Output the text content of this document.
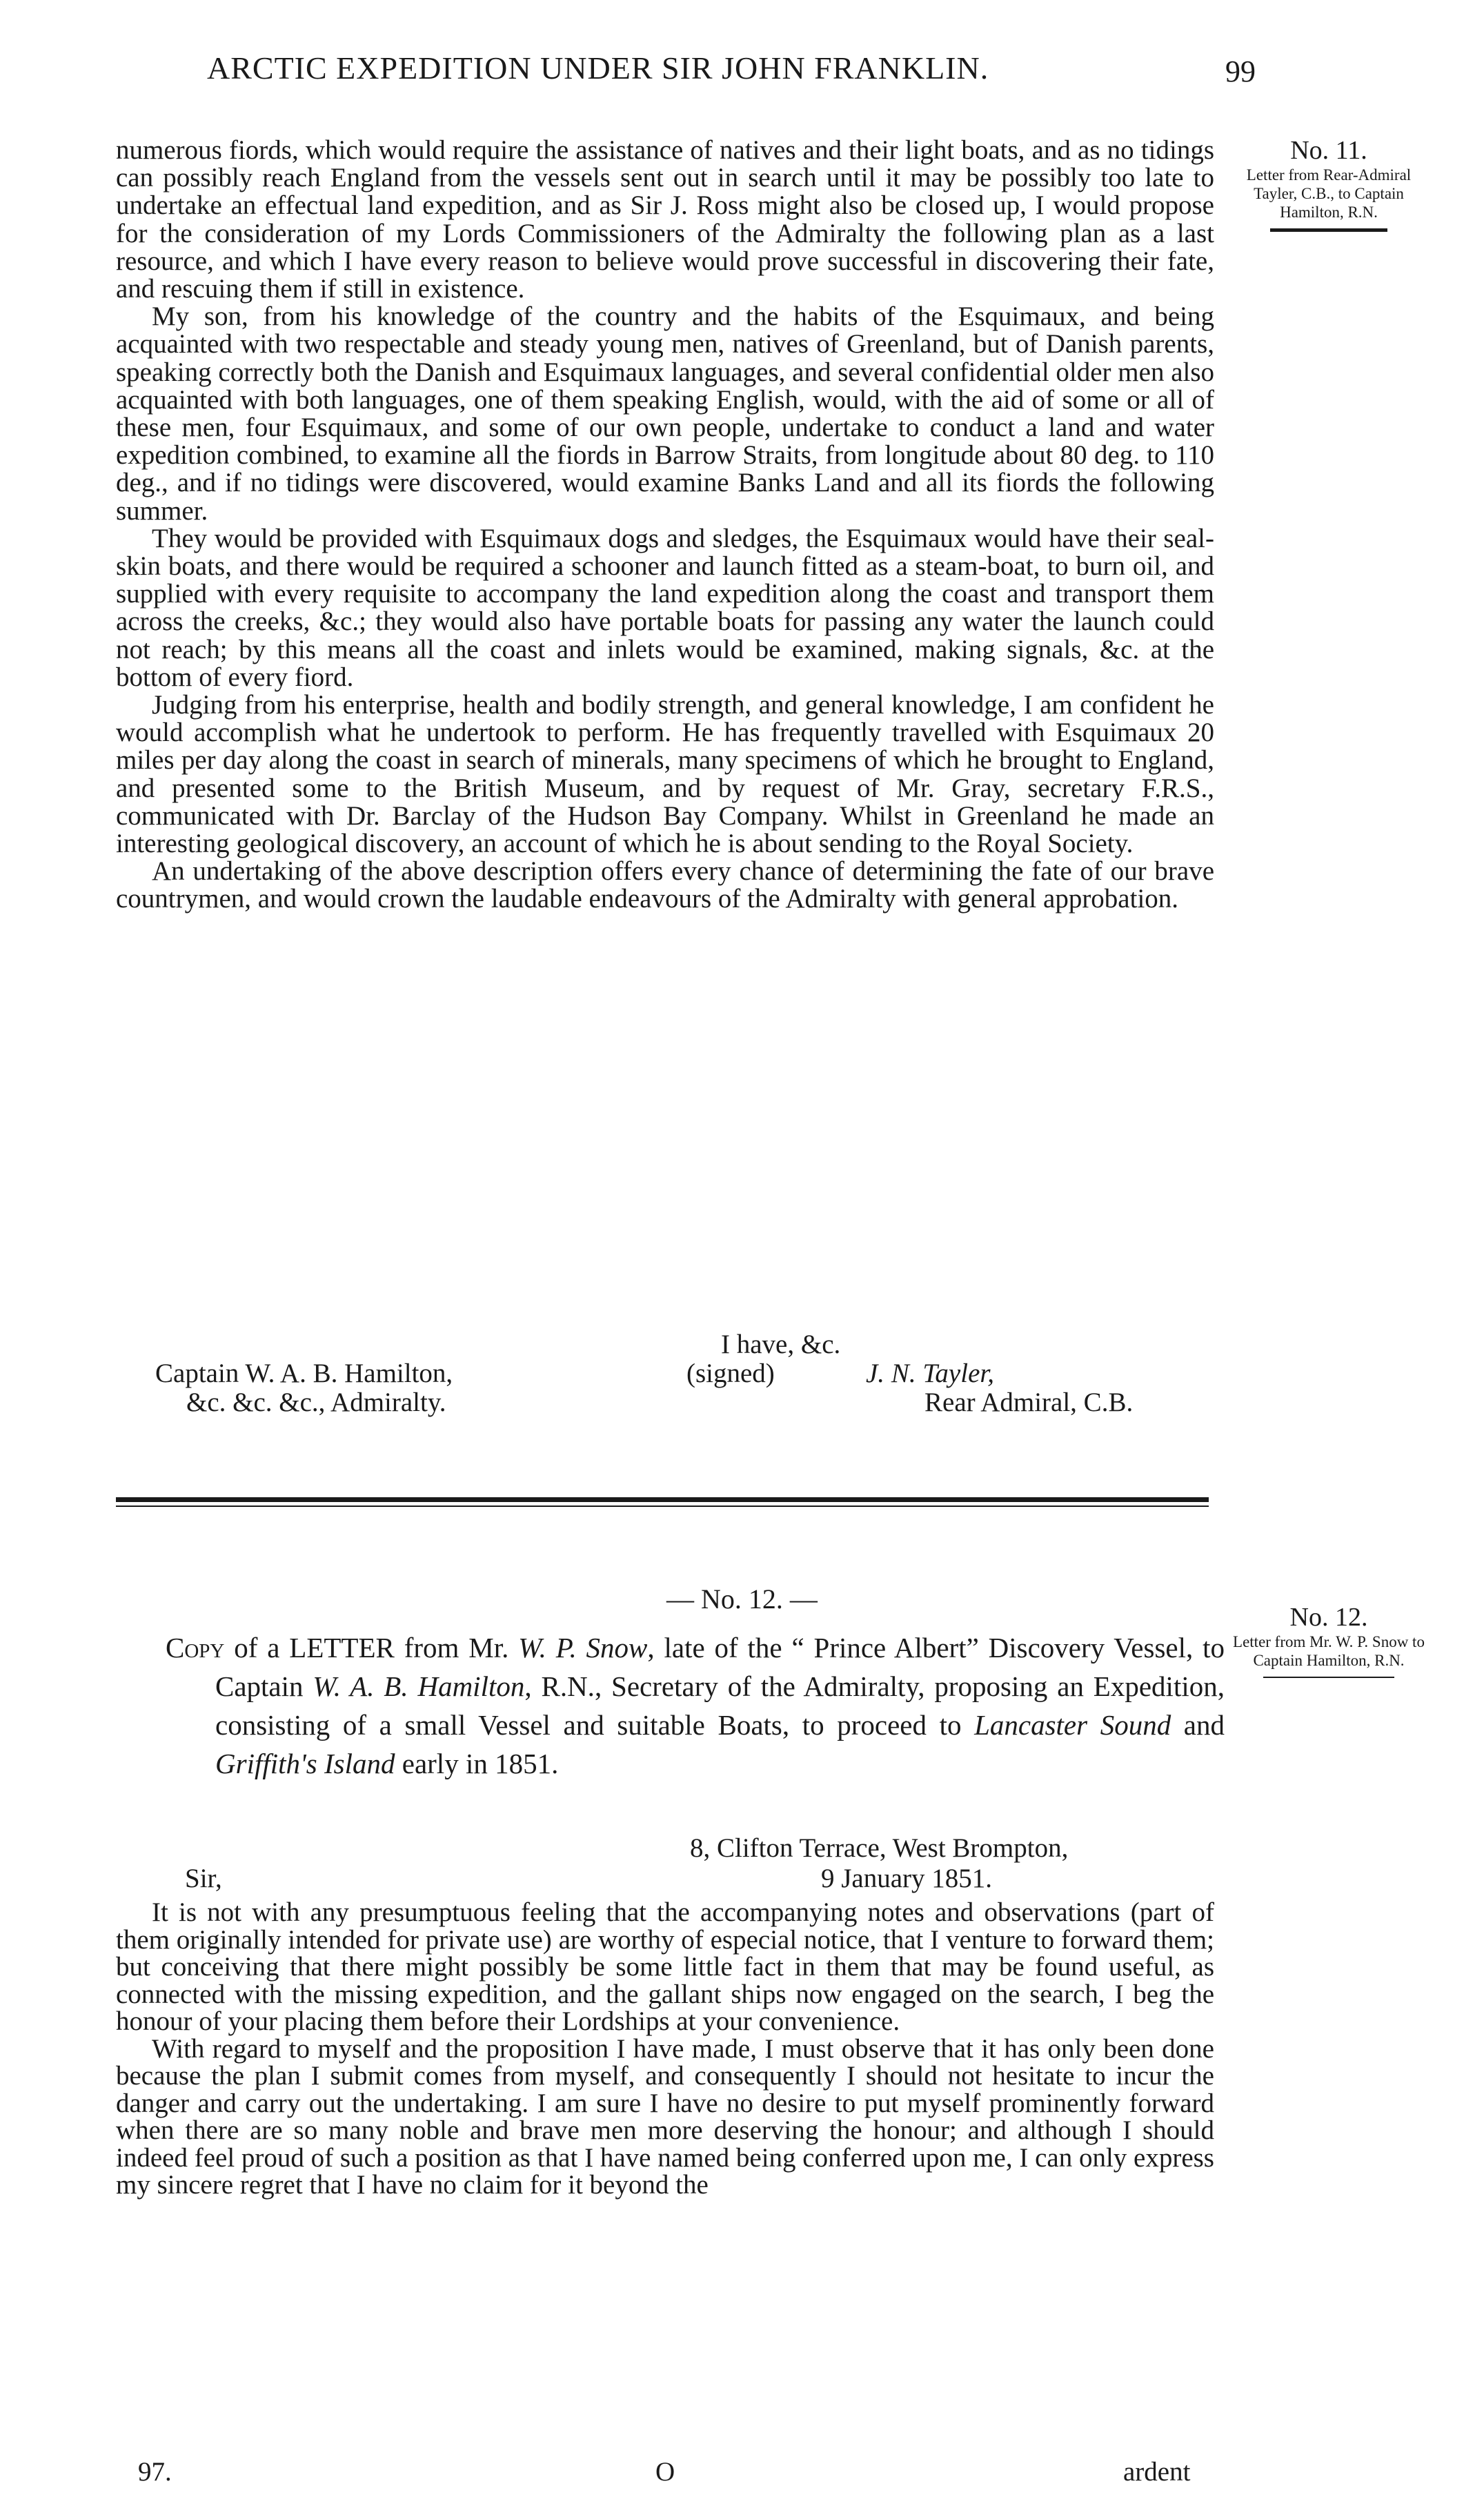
ARCTIC EXPEDITION UNDER SIR JOHN FRANKLIN.	99
No. 11.
Letter from Rear-Admiral Tayler, C.B., to Captain Hamilton, R.N.

numerous fiords, which would require the assistance of natives and their light boats, and as no tidings can possibly reach England from the vessels sent out in search until it may be possibly too late to undertake an effectual land expedition, and as Sir J. Ross might also be closed up, I would propose for the consideration of my Lords Commissioners of the Admiralty the following plan as a last resource, and which I have every reason to believe would prove successful in discovering their fate, and rescuing them if still in existence.

My son, from his knowledge of the country and the habits of the Esquimaux, and being acquainted with two respectable and steady young men, natives of Greenland, but of Danish parents, speaking correctly both the Danish and Esquimaux languages, and several confidential older men also acquainted with both languages, one of them speaking English, would, with the aid of some or all of these men, four Esquimaux, and some of our own people, undertake to conduct a land and water expedition combined, to examine all the fiords in Barrow Straits, from longitude about 80 deg. to 110 deg., and if no tidings were discovered, would examine Banks Land and all its fiords the following summer.

They would be provided with Esquimaux dogs and sledges, the Esquimaux would have their seal-skin boats, and there would be required a schooner and launch fitted as a steam-boat, to burn oil, and supplied with every requisite to accompany the land expedition along the coast and transport them across the creeks, &c.; they would also have portable boats for passing any water the launch could not reach; by this means all the coast and inlets would be examined, making signals, &c. at the bottom of every fiord.

Judging from his enterprise, health and bodily strength, and general knowledge, I am confident he would accomplish what he undertook to perform. He has frequently travelled with Esquimaux 20 miles per day along the coast in search of minerals, many specimens of which he brought to England, and presented some to the British Museum, and by request of Mr. Gray, secretary F.R.S., communicated with Dr. Barclay of the Hudson Bay Company. Whilst in Greenland he made an interesting geological discovery, an account of which he is about sending to the Royal Society.

An undertaking of the above description offers every chance of determining the fate of our brave countrymen, and would crown the laudable endeavours of the Admiralty with general approbation.

I have, &c.
(signed)	J. N. Tayler,
Rear Admiral, C.B.
Captain W. A. B. Hamilton,
&c. &c. &c., Admiralty.
— No. 12. —
No. 12.
Letter from Mr. W. P. Snow to Captain Hamilton, R.N.
Copy of a LETTER from Mr. W. P. Snow, late of the “ Prince Albert” Discovery Vessel, to Captain W. A. B. Hamilton, R.N., Secretary of the Admiralty, proposing an Expedition, consisting of a small Vessel and suitable Boats, to proceed to Lancaster Sound and Griffith's Island early in 1851.
8, Clifton Terrace, West Brompton,
Sir,	9 January 1851.

It is not with any presumptuous feeling that the accompanying notes and observations (part of them originally intended for private use) are worthy of especial notice, that I venture to forward them; but conceiving that there might possibly be some little fact in them that may be found useful, as connected with the missing expedition, and the gallant ships now engaged on the search, I beg the honour of your placing them before their Lordships at your convenience.

With regard to myself and the proposition I have made, I must observe that it has only been done because the plan I submit comes from myself, and consequently I should not hesitate to incur the danger and carry out the undertaking. I am sure I have no desire to put myself prominently forward when there are so many noble and brave men more deserving the honour; and although I should indeed feel proud of such a position as that I have named being conferred upon me, I can only express my sincere regret that I have no claim for it beyond the

97.	O	ardent
